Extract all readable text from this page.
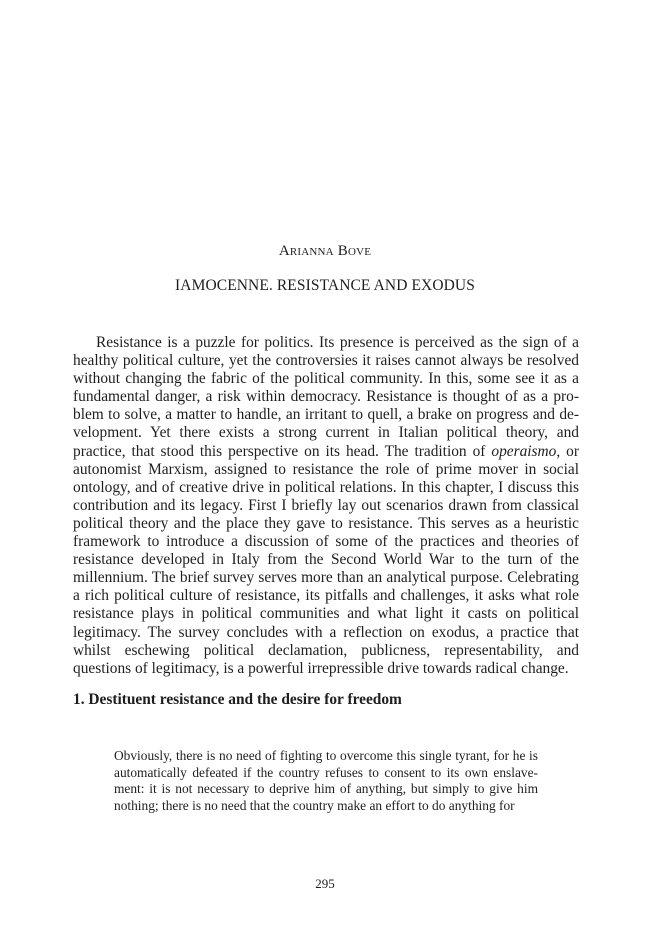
Arianna Bove
IAMOCENNE. RESISTANCE AND EXODUS

Resistance is a puzzle for politics. Its presence is perceived as the sign of a healthy political culture, yet the controversies it raises cannot always be resolved without changing the fabric of the political community. In this, some see it as a fundamental danger, a risk within democracy. Resistance is thought of as a problem to solve, a matter to handle, an irritant to quell, a brake on progress and development. Yet there exists a strong current in Italian political theory, and practice, that stood this perspective on its head. The tradition of operaismo, or autonomist Marxism, assigned to resistance the role of prime mover in social ontology, and of creative drive in political relations. In this chapter, I discuss this contribution and its legacy. First I briefly lay out scenarios drawn from classical political theory and the place they gave to resistance. This serves as a heuristic framework to introduce a discussion of some of the practices and theories of resistance developed in Italy from the Second World War to the turn of the millennium. The brief survey serves more than an analytical purpose. Celebrating a rich political culture of resistance, its pitfalls and challenges, it asks what role resistance plays in political communities and what light it casts on political legitimacy. The survey concludes with a reflection on exodus, a practice that whilst eschewing political declamation, publicness, representability, and questions of legitimacy, is a powerful irrepressible drive towards radical change.

1. Destituent resistance and the desire for freedom

Obviously, there is no need of fighting to overcome this single tyrant, for he is automatically defeated if the country refuses to consent to its own enslavement: it is not necessary to deprive him of anything, but simply to give him nothing; there is no need that the country make an effort to do anything for

295
